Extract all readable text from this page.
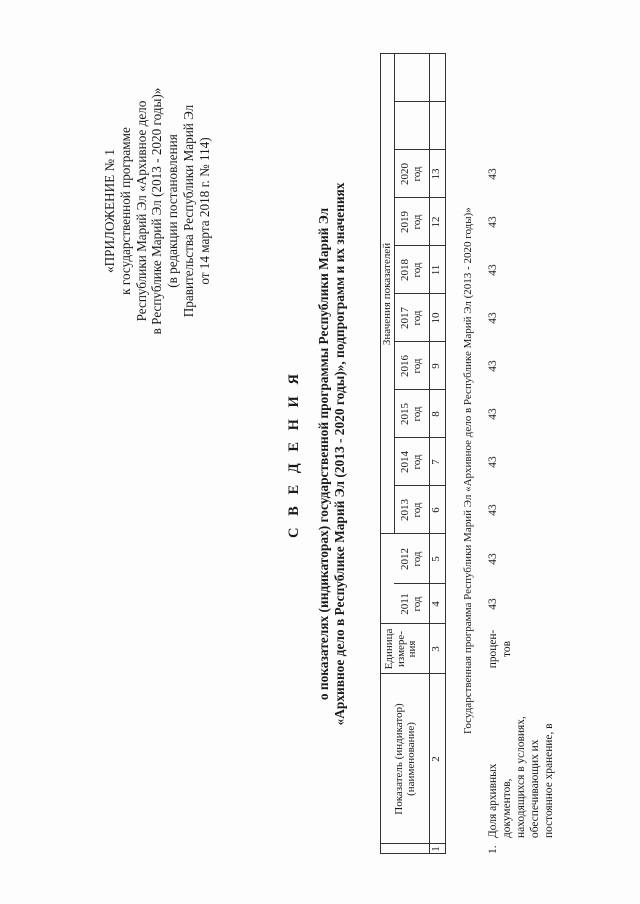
«ПРИЛОЖЕНИЕ № 1 к государственной программе Республики Марий Эл «Архивное дело в Республике Марий Эл (2013 - 2020 годы)» (в редакции постановления Правительства Республики Марий Эл от 14 марта 2018 г. № 114)
С В Е Д Е Н И Я о показателях (индикаторах) государственной программы Республики Марий Эл «Архивное дело в Республике Марий Эл (2013 - 2020 годы)», подпрограмм и их значениях
Показатель (индикатор) (наименование)
Единица измере- ния
Значения показателей
2011 год
2012 год
2013 год
2014 год
2015 год
2016 год
2017 год
2018 год
2019 год
2020 год
1
2
3
4
5
6
7
8
9
10
11
12
13
Государственная программа Республики Марий Эл «Архивное дело в Республике Марий Эл (2013 - 2020 годы)»
1.
Доля архивных документов, находящихся в условиях, обеспечивающих их постоянное хранение, в
процен- тов
43
43
43
43
43
43
43
43
43
43
